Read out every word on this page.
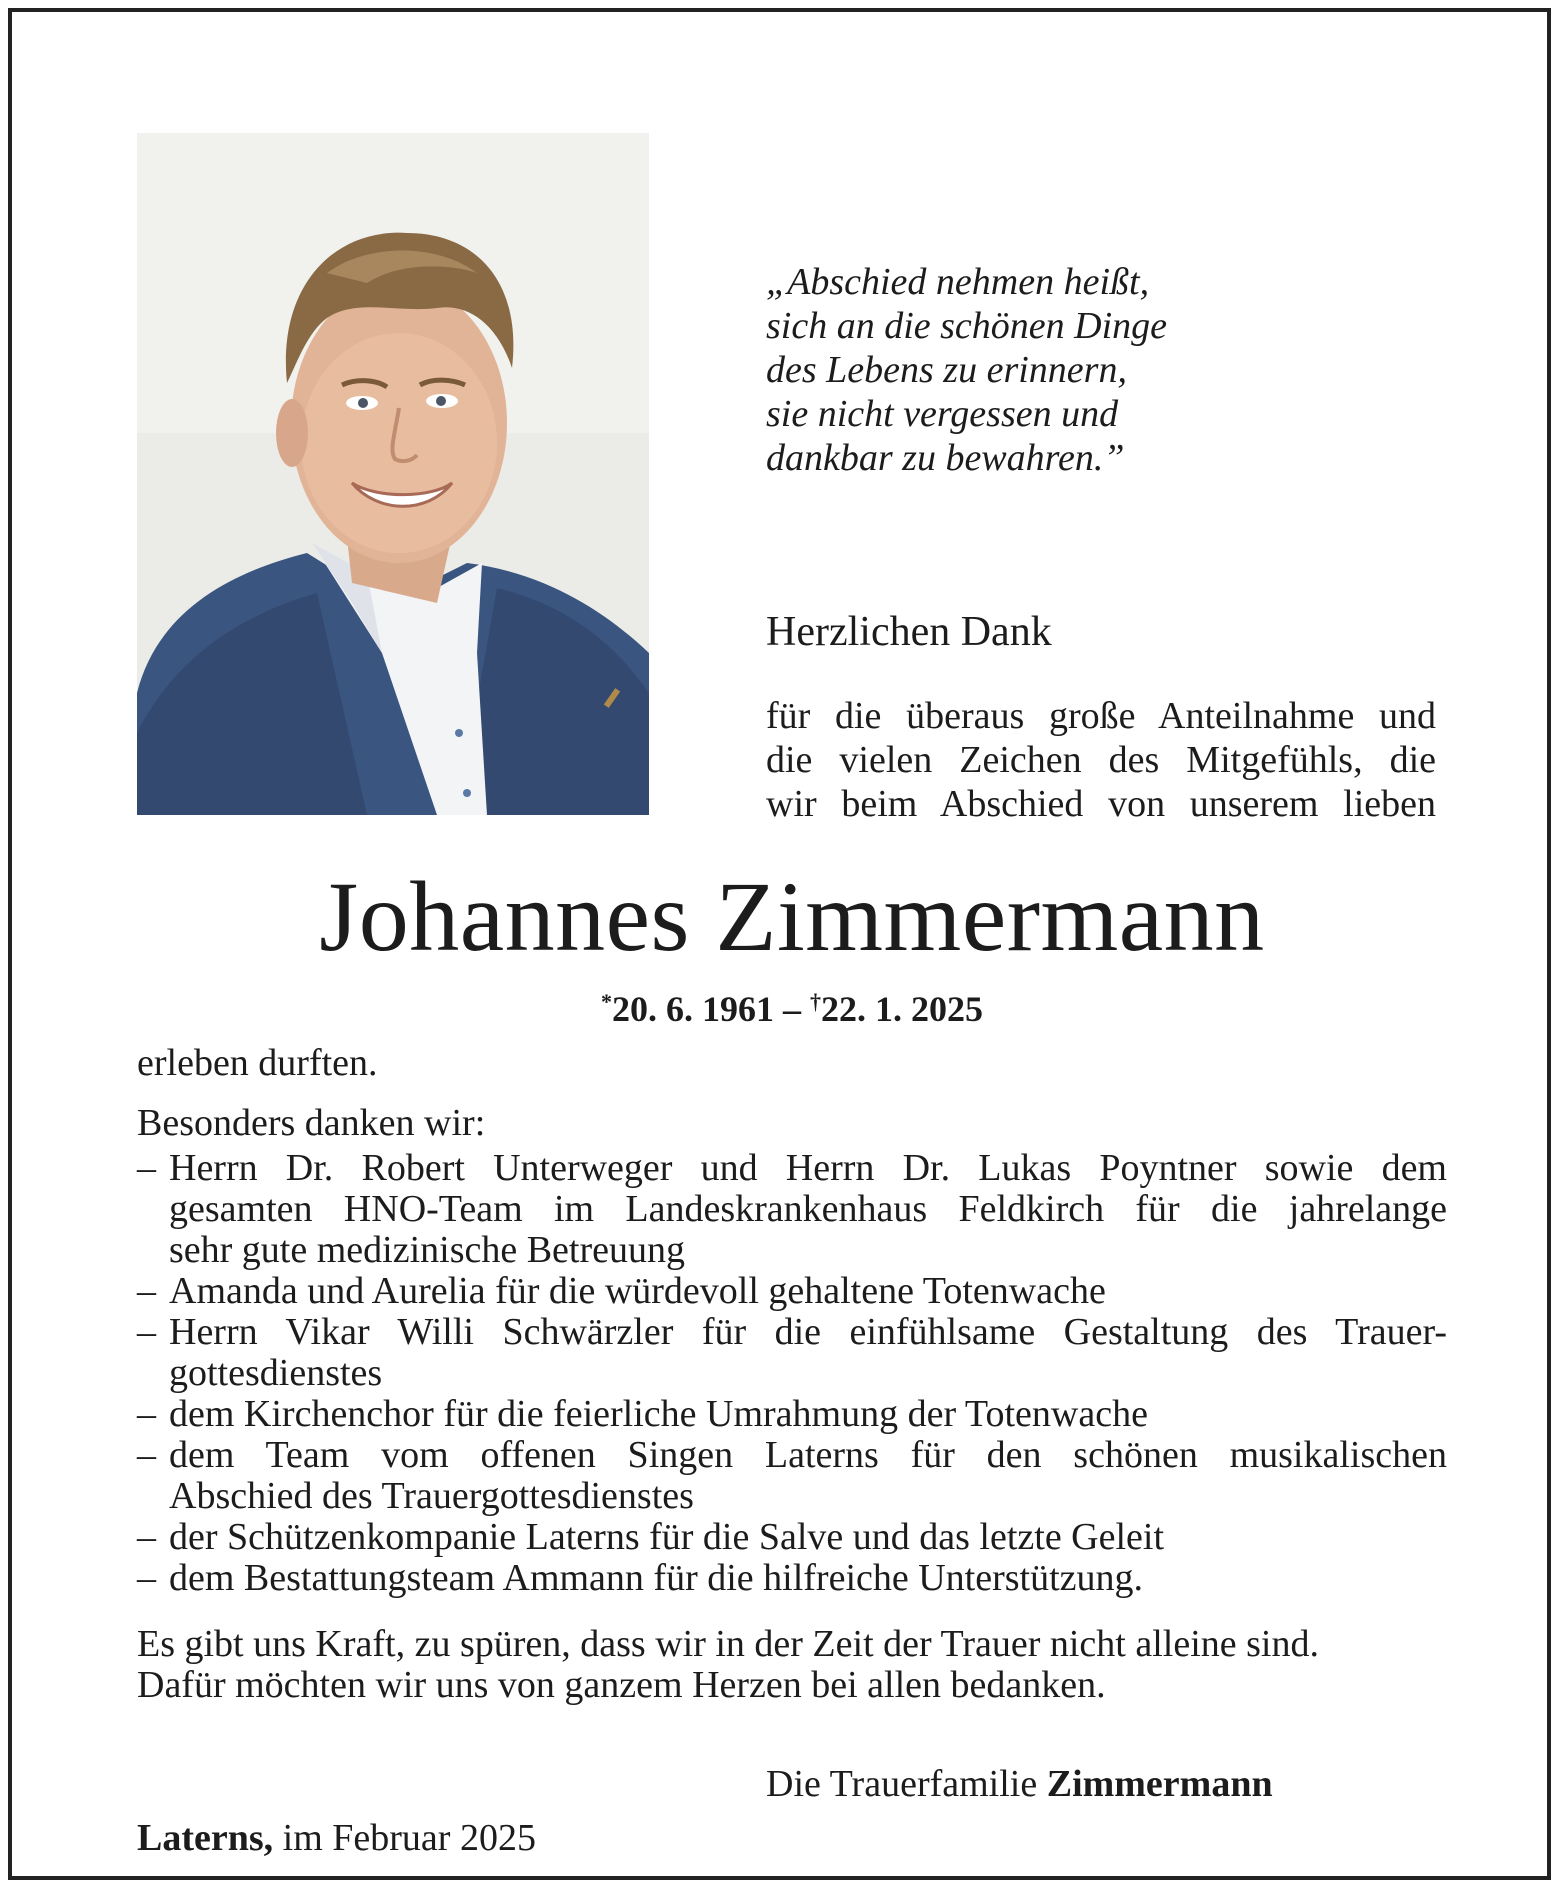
„Abschied nehmen heißt,
sich an die schönen Dinge
des Lebens zu erinnern,
sie nicht vergessen und
dankbar zu bewahren.”
Herzlichen Dank
für die überaus große Anteilnahme und
die vielen Zeichen des Mitgefühls, die
wir beim Abschied von unserem lieben
Johannes Zimmermann
*20. 6. 1961 – †22. 1. 2025

erleben durften.

Besonders danken wir:

– Herrn Dr. Robert Unterweger und Herrn Dr. Lukas Poyntner sowie dem
gesamten HNO-Team im Landeskrankenhaus Feldkirch für die jahrelange
sehr gute medizinische Betreuung
– Amanda und Aurelia für die würdevoll gehaltene Totenwache
– Herrn Vikar Willi Schwärzler für die einfühlsame Gestaltung des Trauer-
gottesdienstes
– dem Kirchenchor für die feierliche Umrahmung der Totenwache
– dem Team vom offenen Singen Laterns für den schönen musikalischen
Abschied des Trauergottesdienstes
– der Schützenkompanie Laterns für die Salve und das letzte Geleit
– dem Bestattungsteam Ammann für die hilfreiche Unterstützung.

Es gibt uns Kraft, zu spüren, dass wir in der Zeit der Trauer nicht alleine sind.
Dafür möchten wir uns von ganzem Herzen bei allen bedanken.

Die Trauerfamilie Zimmermann
Laterns, im Februar 2025
